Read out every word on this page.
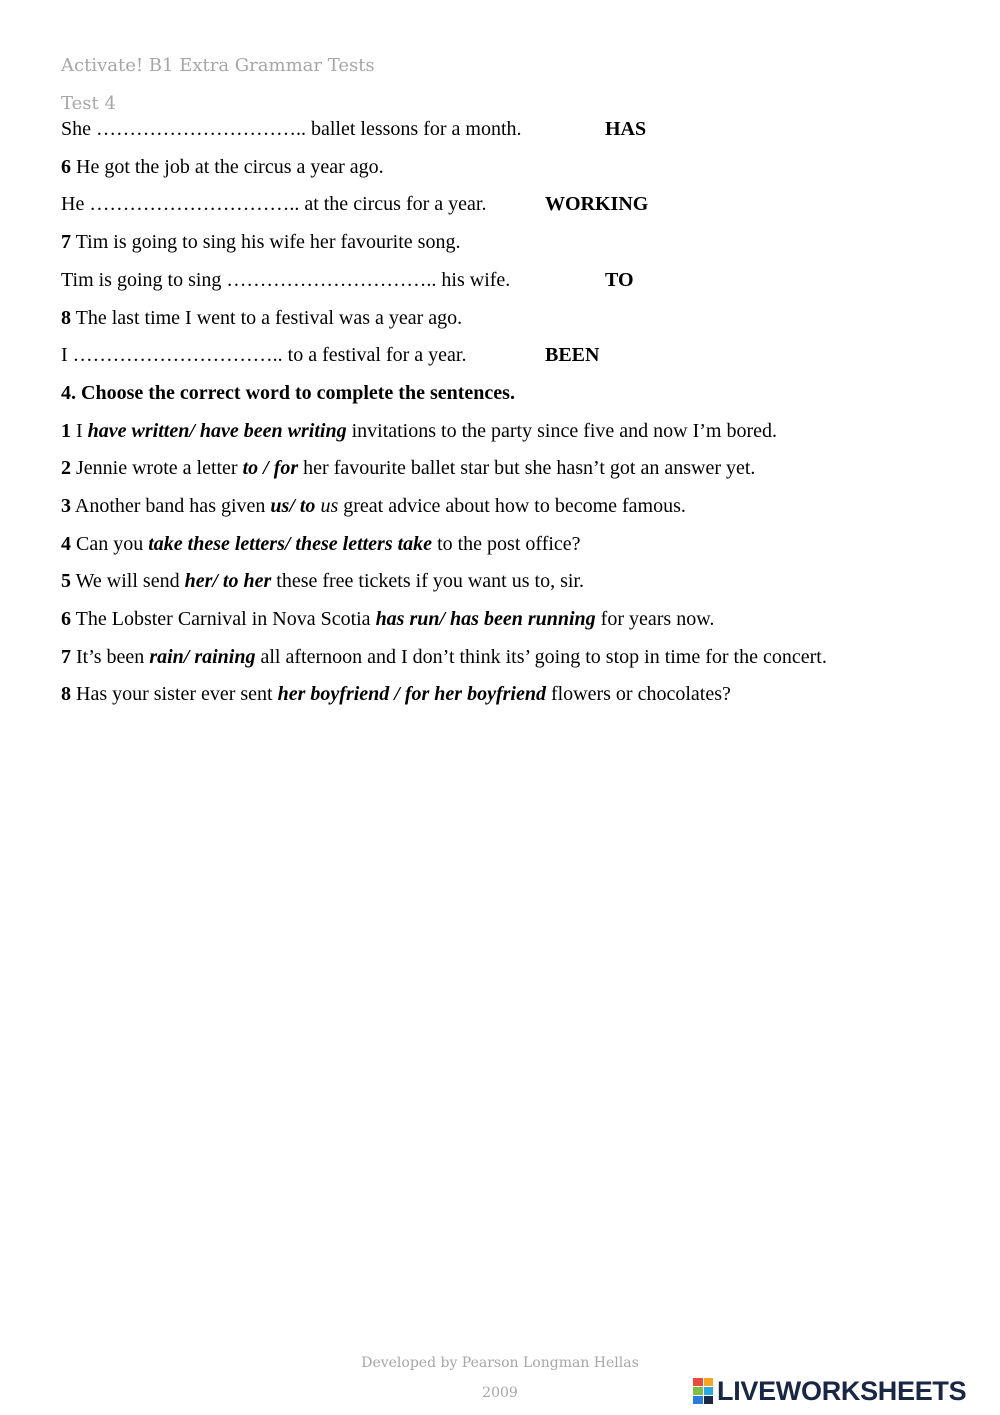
Activate! B1 Extra Grammar Tests
Test 4
She ………………………….. ballet lessons for a month.	HAS
6 He got the job at the circus a year ago.
He ………………………….. at the circus for a year.	WORKING
7 Tim is going to sing his wife her favourite song.
Tim is going to sing ………………………….. his wife.	TO
8 The last time I went to a festival was a year ago.
I ………………………….. to a festival for a year.	BEEN
4. Choose the correct word to complete the sentences.
1 I have written/ have been writing invitations to the party since five and now I’m bored.
2 Jennie wrote a letter to / for her favourite ballet star but she hasn’t got an answer yet.
3 Another band has given us/ to us great advice about how to become famous.
4 Can you take these letters/ these letters take to the post office?
5 We will send her/ to her these free tickets if you want us to, sir.
6 The Lobster Carnival in Nova Scotia has run/ has been running for years now.
7 It’s been rain/ raining all afternoon and I don’t think its’ going to stop in time for the concert.
8 Has your sister ever sent her boyfriend / for her boyfriend flowers or chocolates?
Developed by Pearson Longman Hellas
2009	LIVEWORKSHEETS
